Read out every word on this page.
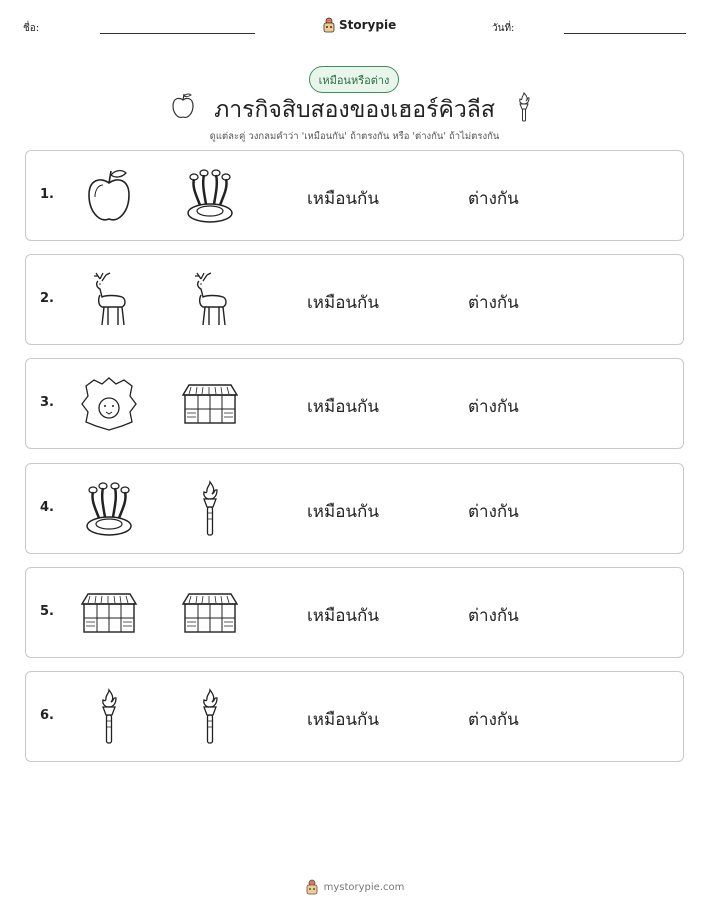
ชื่อ:	Storypie	วันที่:
เหมือนหรือต่าง
ภารกิจสิบสองของเฮอร์คิวลีส
ดูแต่ละคู่ วงกลมคำว่า 'เหมือนกัน' ถ้าตรงกัน หรือ 'ต่างกัน' ถ้าไม่ตรงกัน
1.	เหมือนกัน	ต่างกัน
2.	เหมือนกัน	ต่างกัน
3.	เหมือนกัน	ต่างกัน
4.	เหมือนกัน	ต่างกัน
5.	เหมือนกัน	ต่างกัน
6.	เหมือนกัน	ต่างกัน
mystorypie.com
